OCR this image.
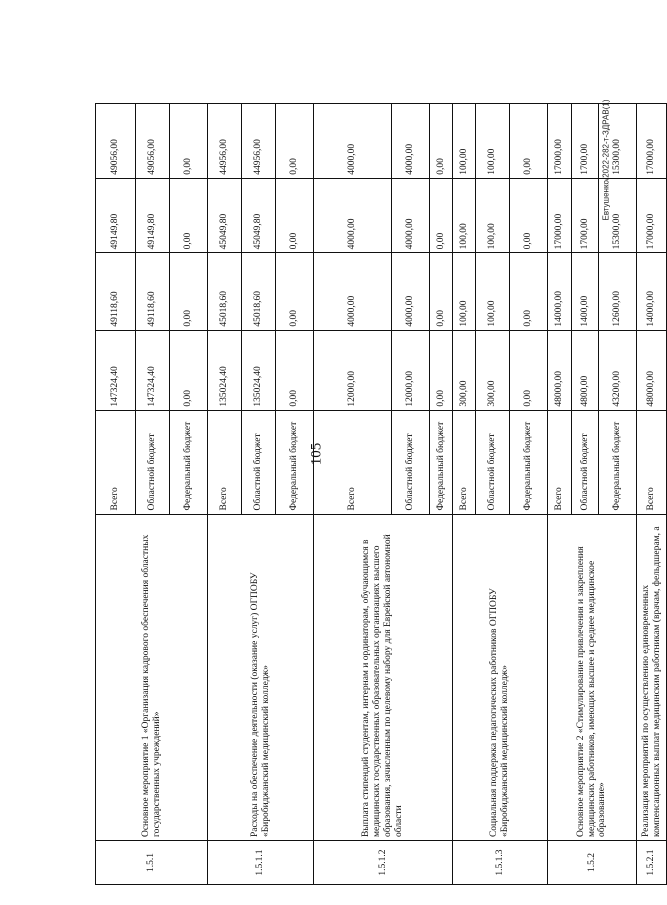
105
Евтушенко/2022-282-т-ЗДРАВ(1)
1.5.1	Основное мероприятие 1 «Организация кадрового обеспечения областных государственных учреждений»	Всего	147324,40	49118,60	49149,80	49056,00
		Областной бюджет	147324,40	49118,60	49149,80	49056,00
		Федеральный бюджет	0,00	0,00	0,00	0,00
1.5.1.1	Расходы на обеспечение деятельности (оказание услуг) ОГПОБУ «Биробиджанский медицинский колледж»	Всего	135024,40	45018,60	45049,80	44956,00
		Областной бюджет	135024,40	45018,60	45049,80	44956,00
		Федеральный бюджет	0,00	0,00	0,00	0,00
1.5.1.2	Выплата стипендий студентам, интернам и ординаторам, обучающимся в медицинских государственных образовательных организациях высшего образования, зачисленным по целевому набору для Еврейской автономной области	Всего	12000,00	4000,00	4000,00	4000,00
		Областной бюджет	12000,00	4000,00	4000,00	4000,00
		Федеральный бюджет	0,00	0,00	0,00	0,00
1.5.1.3	Социальная поддержка педагогических работников ОГПОБУ «Биробиджанский медицинский колледж»	Всего	300,00	100,00	100,00	100,00
		Областной бюджет	300,00	100,00	100,00	100,00
		Федеральный бюджет	0,00	0,00	0,00	0,00
1.5.2	Основное мероприятие 2 «Стимулирование привлечения и закрепления медицинских работников, имеющих высшее и среднее медицинское образование»	Всего	48000,00	14000,00	17000,00	17000,00
		Областной бюджет	4800,00	1400,00	1700,00	1700,00
		Федеральный бюджет	43200,00	12600,00	15300,00	15300,00
1.5.2.1	Реализация мероприятий по осуществлению единовременных компенсационных выплат медицинским работникам (врачам, фельдшерам, а	Всего	48000,00	14000,00	17000,00	17000,00
